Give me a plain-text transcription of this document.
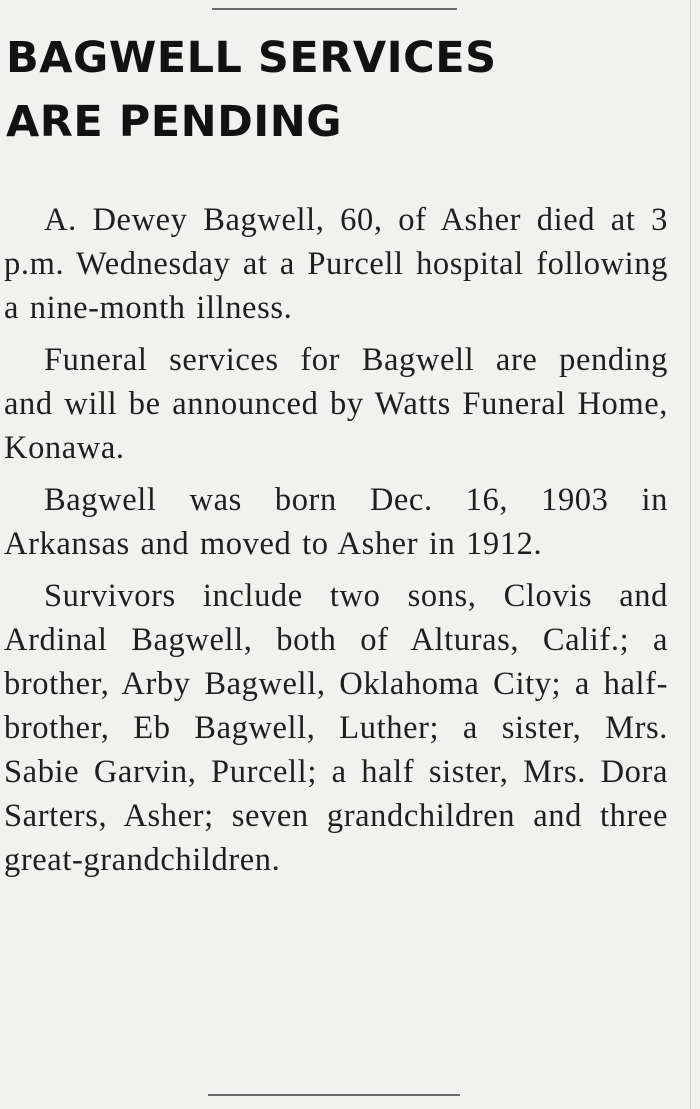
BAGWELL SERVICES
ARE PENDING

A. Dewey Bagwell, 60, of Asher died at 3 p.m. Wednesday at a Purcell hospital following a nine-month illness.

Funeral services for Bagwell are pending and will be announced by Watts Funeral Home, Konawa.

Bagwell was born Dec. 16, 1903 in Arkansas and moved to Asher in 1912.

Survivors include two sons, Clovis and Ardinal Bagwell, both of Alturas, Calif.; a brother, Arby Bagwell, Oklahoma City; a half-brother, Eb Bagwell, Luther; a sister, Mrs. Sabie Garvin, Purcell; a half sister, Mrs. Dora Sarters, Asher; seven grandchildren and three great-grandchildren.
